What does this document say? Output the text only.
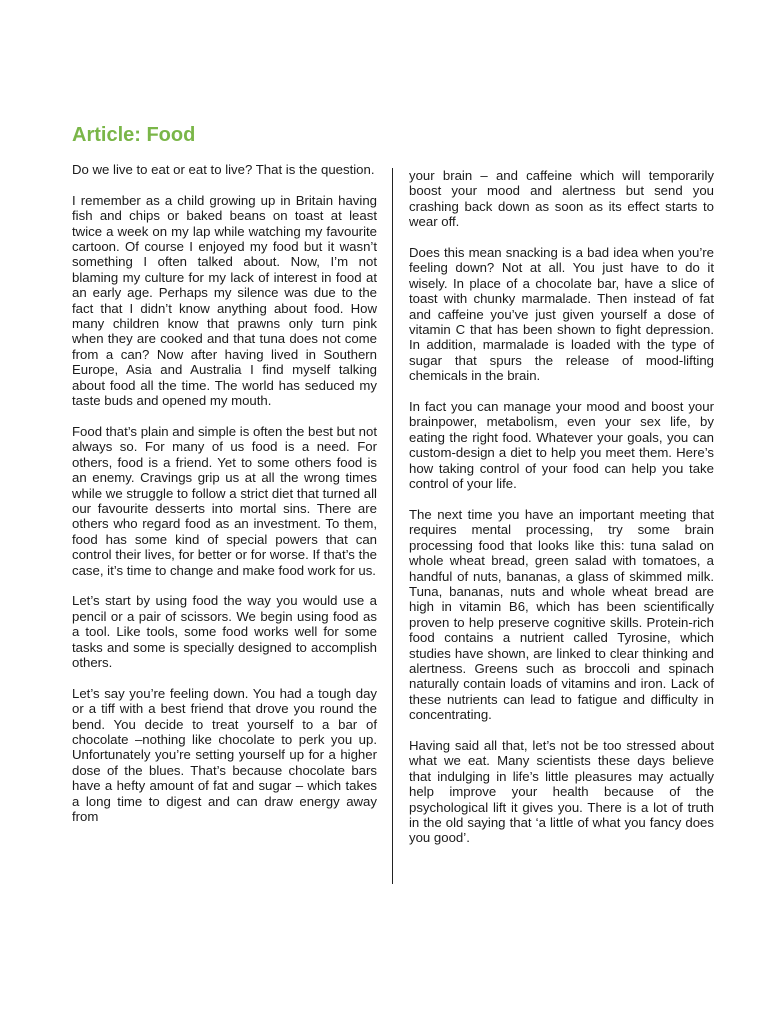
Article: Food

Do we live to eat or eat to live? That is the question.

I remember as a child growing up in Britain having fish and chips or baked beans on toast at least twice a week on my lap while watching my favourite cartoon. Of course I enjoyed my food but it wasn’t something I often talked about. Now, I’m not blaming my culture for my lack of interest in food at an early age. Perhaps my silence was due to the fact that I didn’t know anything about food. How many children know that prawns only turn pink when they are cooked and that tuna does not come from a can? Now after having lived in Southern Europe, Asia and Australia I find myself talking about food all the time. The world has seduced my taste buds and opened my mouth.

Food that’s plain and simple is often the best but not always so. For many of us food is a need. For others, food is a friend. Yet to some others food is an enemy. Cravings grip us at all the wrong times while we struggle to follow a strict diet that turned all our favourite desserts into mortal sins. There are others who regard food as an investment. To them, food has some kind of special powers that can control their lives, for better or for worse. If that’s the case, it’s time to change and make food work for us.

Let’s start by using food the way you would use a pencil or a pair of scissors. We begin using food as a tool. Like tools, some food works well for some tasks and some is specially designed to accomplish others.

Let’s say you’re feeling down. You had a tough day or a tiff with a best friend that drove you round the bend. You decide to treat yourself to a bar of chocolate –nothing like chocolate to perk you up. Unfortunately you’re setting yourself up for a higher dose of the blues. That’s because chocolate bars have a hefty amount of fat and sugar – which takes a long time to digest and can draw energy away from

your brain – and caffeine which will temporarily boost your mood and alertness but send you crashing back down as soon as its effect starts to wear off.

Does this mean snacking is a bad idea when you’re feeling down? Not at all. You just have to do it wisely. In place of a chocolate bar, have a slice of toast with chunky marmalade. Then instead of fat and caffeine you’ve just given yourself a dose of vitamin C that has been shown to fight depression. In addition, marmalade is loaded with the type of sugar that spurs the release of mood-lifting chemicals in the brain.

In fact you can manage your mood and boost your brainpower, metabolism, even your sex life, by eating the right food. Whatever your goals, you can custom-design a diet to help you meet them. Here’s how taking control of your food can help you take control of your life.

The next time you have an important meeting that requires mental processing, try some brain processing food that looks like this: tuna salad on whole wheat bread, green salad with tomatoes, a handful of nuts, bananas, a glass of skimmed milk. Tuna, bananas, nuts and whole wheat bread are high in vitamin B6, which has been scientifically proven to help preserve cognitive skills. Protein-rich food contains a nutrient called Tyrosine, which studies have shown, are linked to clear thinking and alertness. Greens such as broccoli and spinach naturally contain loads of vitamins and iron. Lack of these nutrients can lead to fatigue and difficulty in concentrating.

Having said all that, let’s not be too stressed about what we eat. Many scientists these days believe that indulging in life’s little pleasures may actually help improve your health because of the psychological lift it gives you. There is a lot of truth in the old saying that ‘a little of what you fancy does you good’.
